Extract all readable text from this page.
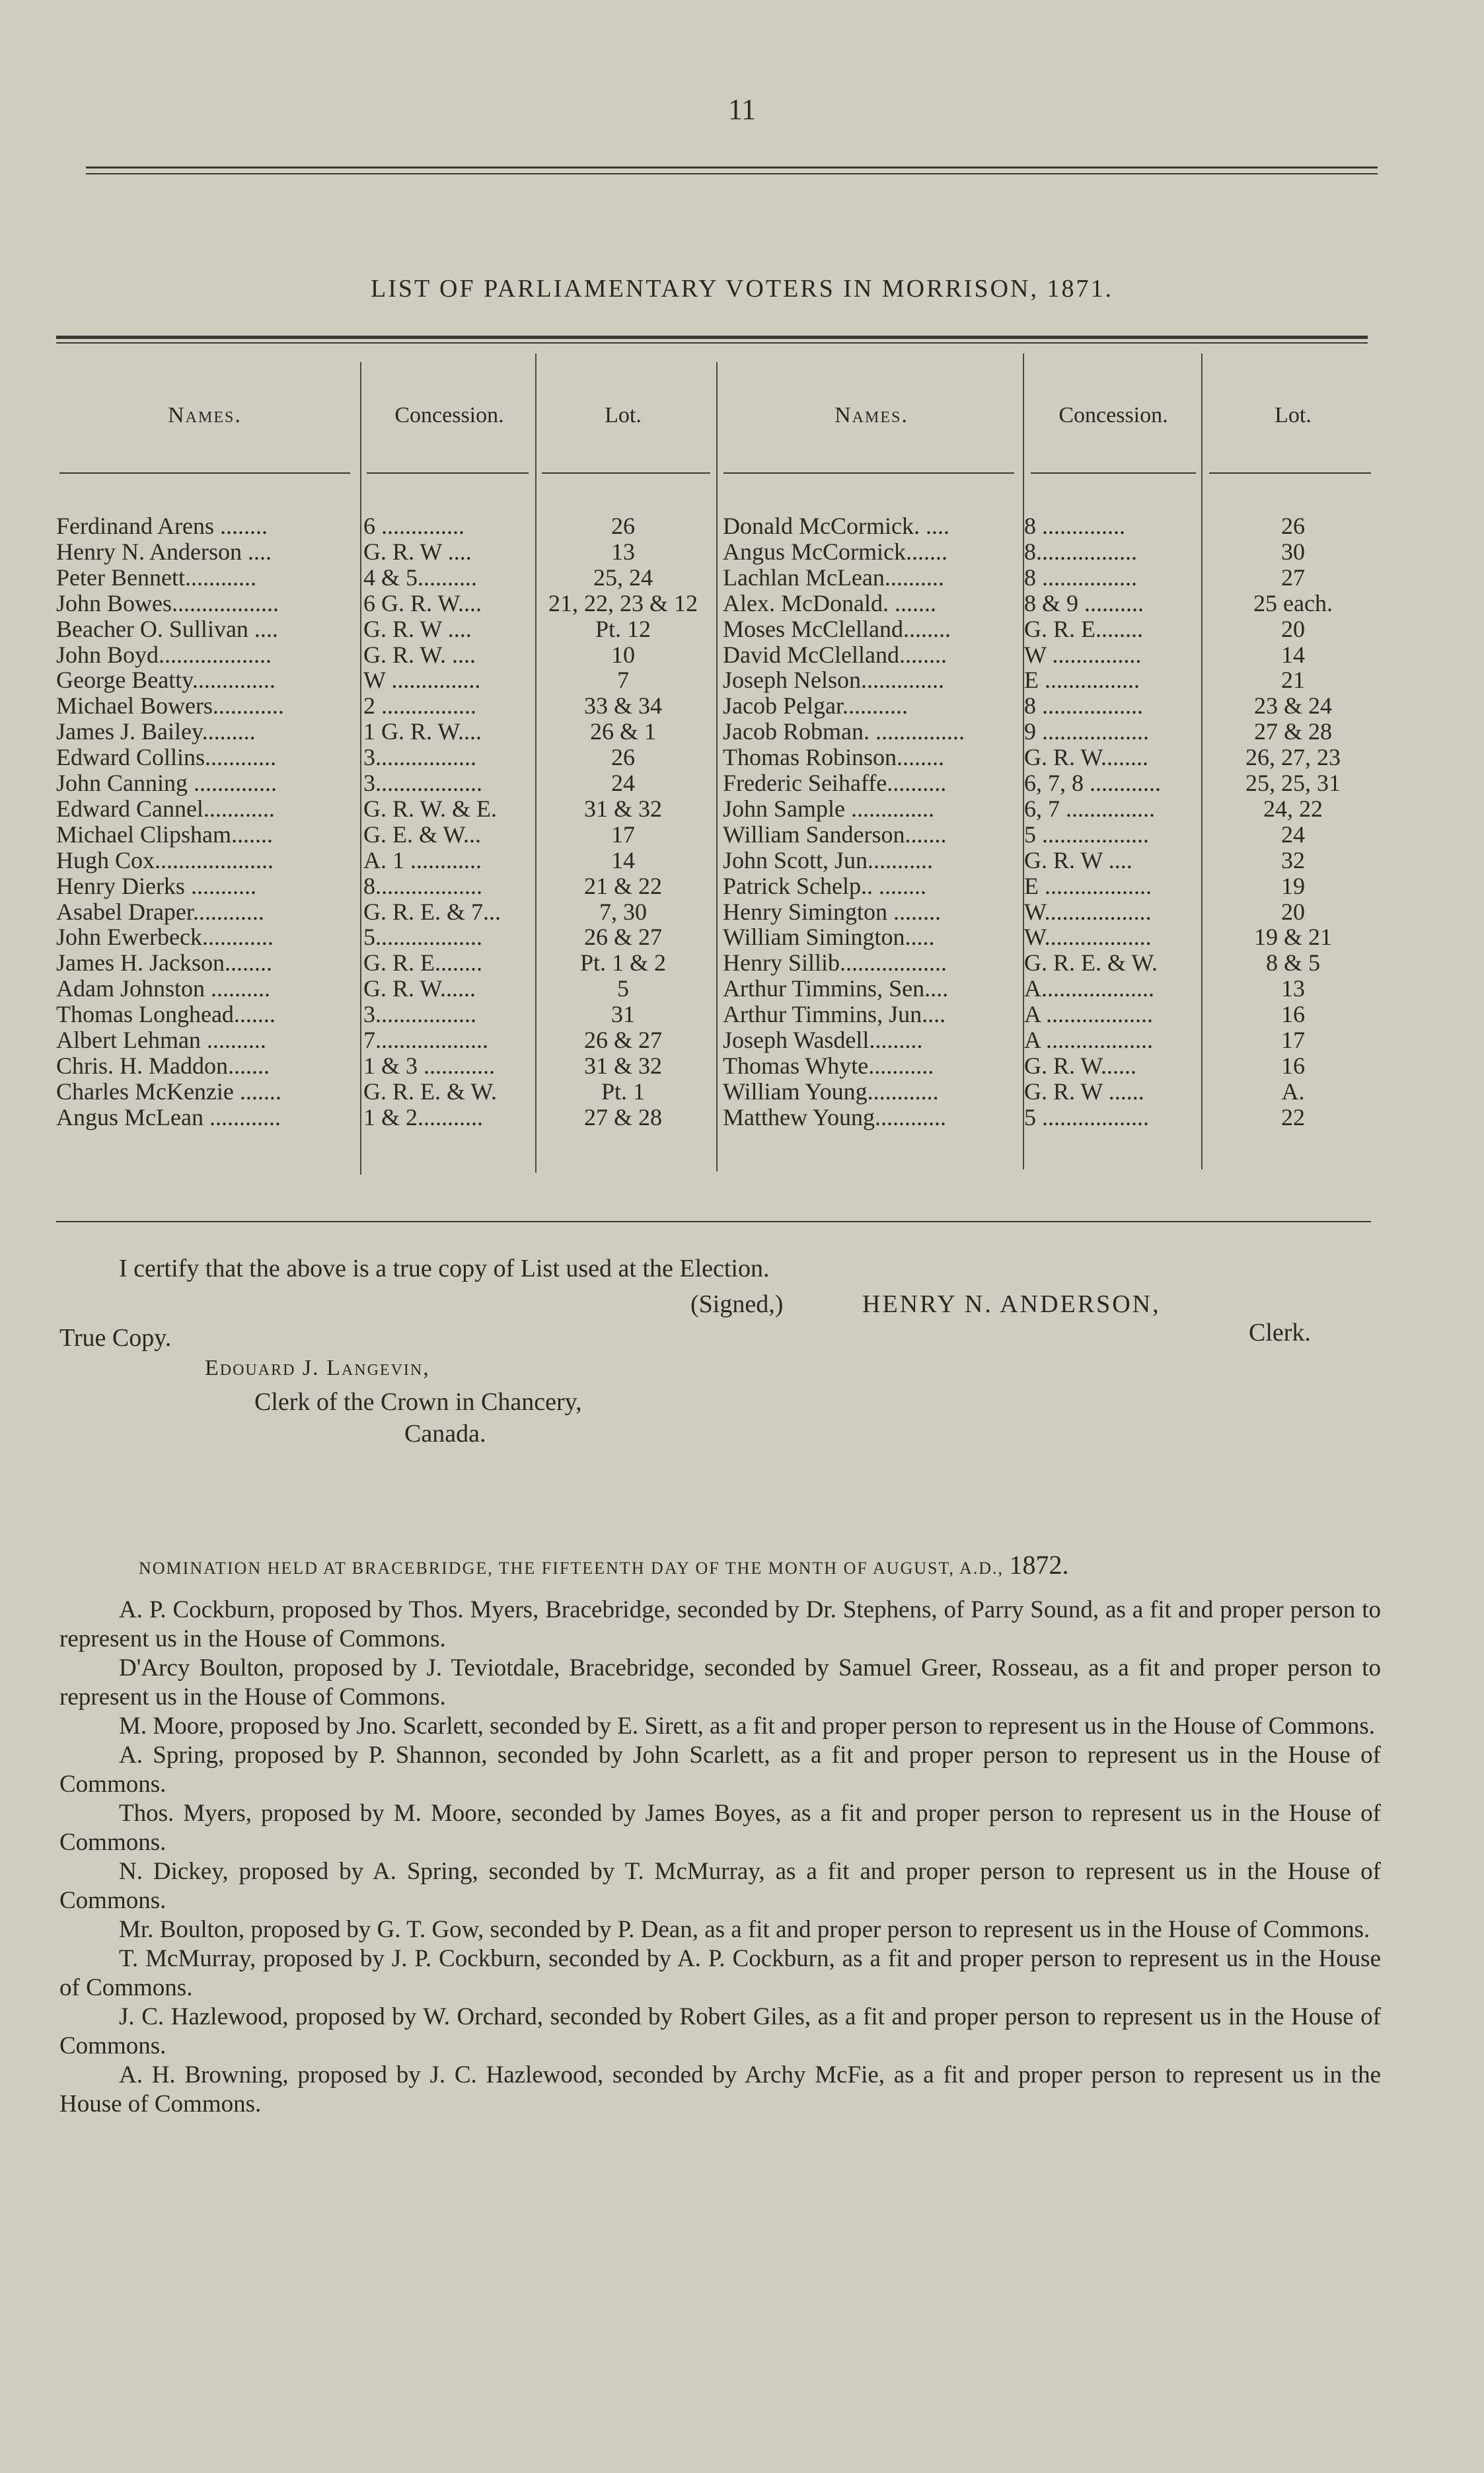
11
LIST OF PARLIAMENTARY VOTERS IN MORRISON, 1871.
Names.	Concession.	Lot.	Names.	Concession.	Lot.
Ferdinand Arens ........	6 ..............	26	Donald McCormick. ....	8 ..............	26
Henry N. Anderson ....	G. R. W ....	13	Angus McCormick.......	8.................	30
Peter Bennett............	4 & 5..........	25, 24	Lachlan McLean..........	8 ................	27
John Bowes..................	6 G. R. W....	21, 22, 23 & 12	Alex. McDonald. .......	8 & 9 ..........	25 each.
Beacher O. Sullivan ....	G. R. W ....	Pt. 12	Moses McClelland........	G. R. E........	20
John Boyd...................	G. R. W. ....	10	David McClelland........	W ...............	14
George Beatty..............	W ...............	7	Joseph Nelson..............	E ................	21
Michael Bowers............	2 ................	33 & 34	Jacob Pelgar...........	8 .................	23 & 24
James J. Bailey.........	1 G. R. W....	26 & 1	Jacob Robman. ...............	9 ..................	27 & 28
Edward Collins............	3.................	26	Thomas Robinson........	G. R. W........	26, 27, 23
John Canning ..............	3..................	24	Frederic Seihaffe..........	6, 7, 8 ............	25, 25, 31
Edward Cannel............	G. R. W. & E.	31 & 32	John Sample ..............	6, 7 ...............	24, 22
Michael Clipsham.......	G. E. & W...	17	William Sanderson.......	5 ..................	24
Hugh Cox....................	A. 1 ............	14	John Scott, Jun...........	G. R. W ....	32
Henry Dierks ...........	8..................	21 & 22	Patrick Schelp.. ........	E ..................	19
Asabel Draper............	G. R. E. & 7...	7, 30	Henry Simington ........	W..................	20
John Ewerbeck............	5..................	26 & 27	William Simington.....	W..................	19 & 21
James H. Jackson........	G. R. E........	Pt. 1 & 2	Henry Sillib..................	G. R. E. & W.	8 & 5
Adam Johnston ..........	G. R. W......	5	Arthur Timmins, Sen....	A...................	13
Thomas Longhead.......	3.................	31	Arthur Timmins, Jun....	A ..................	16
Albert Lehman ..........	7...................	26 & 27	Joseph Wasdell.........	A ..................	17
Chris. H. Maddon.......	1 & 3 ............	31 & 32	Thomas Whyte...........	G. R. W......	16
Charles McKenzie .......	G. R. E. & W.	Pt. 1	William Young............	G. R. W ......	A.
Angus McLean ............	1 & 2...........	27 & 28	Matthew Young............	5 ..................	22
I certify that the above is a true copy of List used at the Election.
(Signed,)	HENRY N. ANDERSON,
True Copy.	Clerk.
Edouard J. Langevin,
Clerk of the Crown in Chancery,
Canada.
NOMINATION HELD AT BRACEBRIDGE, THE FIFTEENTH DAY OF THE MONTH OF AUGUST, A.D., 1872.

A. P. Cockburn, proposed by Thos. Myers, Bracebridge, seconded by Dr. Stephens, of Parry Sound, as a fit and proper person to represent us in the House of Commons.

D'Arcy Boulton, proposed by J. Teviotdale, Bracebridge, seconded by Samuel Greer, Rosseau, as a fit and proper person to represent us in the House of Commons.

M. Moore, proposed by Jno. Scarlett, seconded by E. Sirett, as a fit and proper person to represent us in the House of Commons.

A. Spring, proposed by P. Shannon, seconded by John Scarlett, as a fit and proper person to represent us in the House of Commons.

Thos. Myers, proposed by M. Moore, seconded by James Boyes, as a fit and proper person to represent us in the House of Commons.

N. Dickey, proposed by A. Spring, seconded by T. McMurray, as a fit and proper person to represent us in the House of Commons.

Mr. Boulton, proposed by G. T. Gow, seconded by P. Dean, as a fit and proper person to represent us in the House of Commons.

T. McMurray, proposed by J. P. Cockburn, seconded by A. P. Cockburn, as a fit and proper person to represent us in the House of Commons.

J. C. Hazlewood, proposed by W. Orchard, seconded by Robert Giles, as a fit and proper person to represent us in the House of Commons.

A. H. Browning, proposed by J. C. Hazlewood, seconded by Archy McFie, as a fit and proper person to represent us in the House of Commons.
